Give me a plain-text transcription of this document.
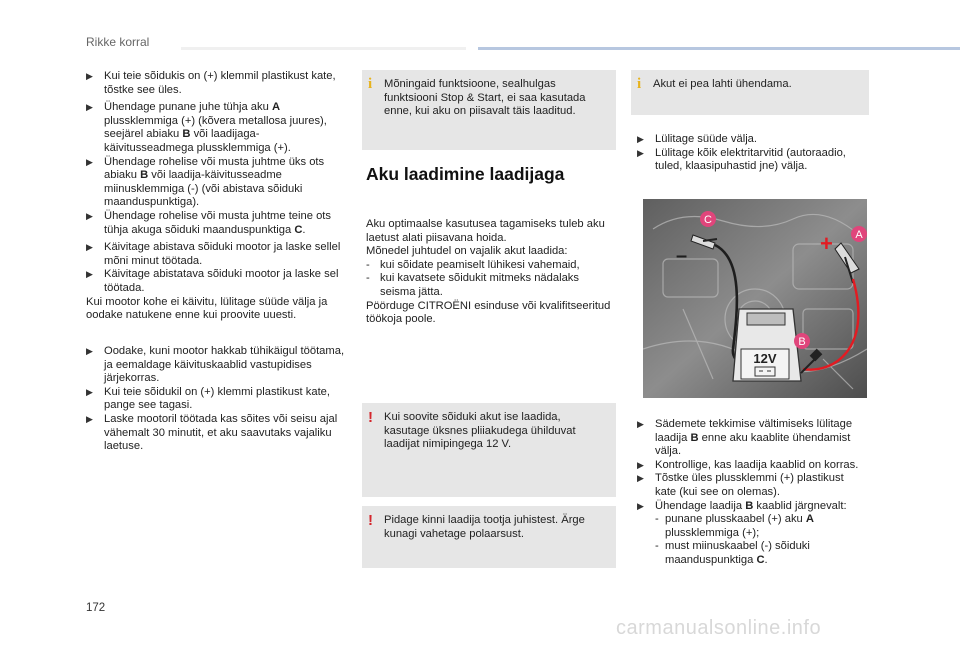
Rikke korral

▶ Kui teie sõidukis on (+) klemmil plastikust kate, tõstke see üles.

▶ Ühendage punane juhe tühja aku A plussklemmiga (+) (kõvera metallosa juures), seejärel abiaku B või laadijaga-käivitusseadmega plussklemmiga (+).

▶ Ühendage rohelise või musta juhtme üks ots abiaku B või laadija-käivitusseadme miinusklemmiga (-) (või abistava sõiduki maanduspunktiga).

▶ Ühendage rohelise või musta juhtme teine ots tühja akuga sõiduki maanduspunktiga C.

▶ Käivitage abistava sõiduki mootor ja laske sellel mõni minut töötada.

▶ Käivitage abistatava sõiduki mootor ja laske sel töötada.

Kui mootor kohe ei käivitu, lülitage süüde välja ja oodake natukene enne kui proovite uuesti.

▶ Oodake, kuni mootor hakkab tühikäigul töötama, ja eemaldage käivituskaablid vastupidises järjekorras.

▶ Kui teie sõidukil on (+) klemmi plastikust kate, pange see tagasi.

▶ Laske mootoril töötada kas sõites või seisu ajal vähemalt 30 minutit, et aku saavutaks vajaliku laetuse.

i Mõningaid funktsioone, sealhulgas funktsiooni Stop & Start, ei saa kasutada enne, kui aku on piisavalt täis laaditud.
Aku laadimine laadijaga

Aku optimaalse kasutusea tagamiseks tuleb aku laetust alati piisavana hoida.

Mõnedel juhtudel on vajalik akut laadida:

- kui sõidate peamiselt lühikesi vahemaid,

- kui kavatsete sõidukit mitmeks nädalaks seisma jätta.

Pöörduge CITROËNI esinduse või kvalifitseeritud töökoja poole.

! Kui soovite sõiduki akut ise laadida, kasutage üksnes pliiakudega ühilduvat laadijat nimipingega 12 V.
! Pidage kinni laadija tootja juhistest. Ärge kunagi vahetage polaarsust.
i Akut ei pea lahti ühendama.

▶ Lülitage süüde välja.

▶ Lülitage kõik elektritarvitid (autoraadio, tuled, klaasipuhastid jne) välja.

12V
–	+
C
A
B

▶ Sädemete tekkimise vältimiseks lülitage laadija B enne aku kaablite ühendamist välja.

▶ Kontrollige, kas laadija kaablid on korras.

▶ Tõstke üles plussklemmi (+) plastikust kate (kui see on olemas).

▶ Ühendage laadija B kaablid järgnevalt:

- punane plusskaabel (+) aku A plussklemmiga (+);

- must miinuskaabel (-) sõiduki maanduspunktiga C.

172
carmanualsonline.info
